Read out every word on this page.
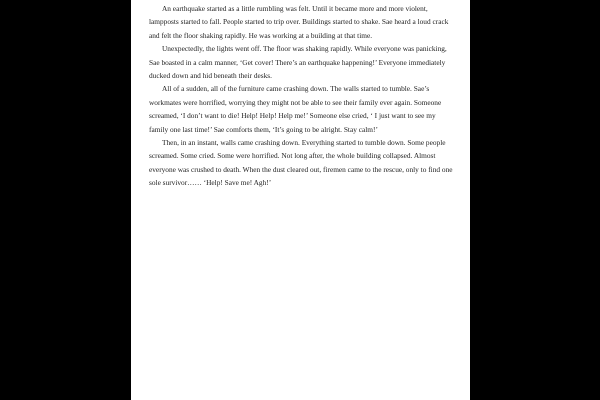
An earthquake started as a little rumbling was felt. Until it became more and more violent, lampposts started to fall. People started to trip over. Buildings started to shake. Sae heard a loud crack and felt the floor shaking rapidly. He was working at a building at that time.

Unexpectedly, the lights went off. The floor was shaking rapidly. While everyone was panicking, Sae boasted in a calm manner, ‘Get cover! There’s an earthquake happening!’ Everyone immediately ducked down and hid beneath their desks.

All of a sudden, all of the furniture came crashing down. The walls started to tumble. Sae’s workmates were horrified, worrying they might not be able to see their family ever again. Someone screamed, ‘I don’t want to die! Help! Help! Help me!’ Someone else cried, ‘ I just want to see my family one last time!’ Sae comforts them, ‘It’s going to be alright. Stay calm!’

Then, in an instant, walls came crashing down. Everything started to tumble down. Some people screamed. Some cried. Some were horrified. Not long after, the whole building collapsed. Almost everyone was crushed to death. When the dust cleared out, firemen came to the rescue, only to find one sole survivor…… ‘Help! Save me! Agh!’
